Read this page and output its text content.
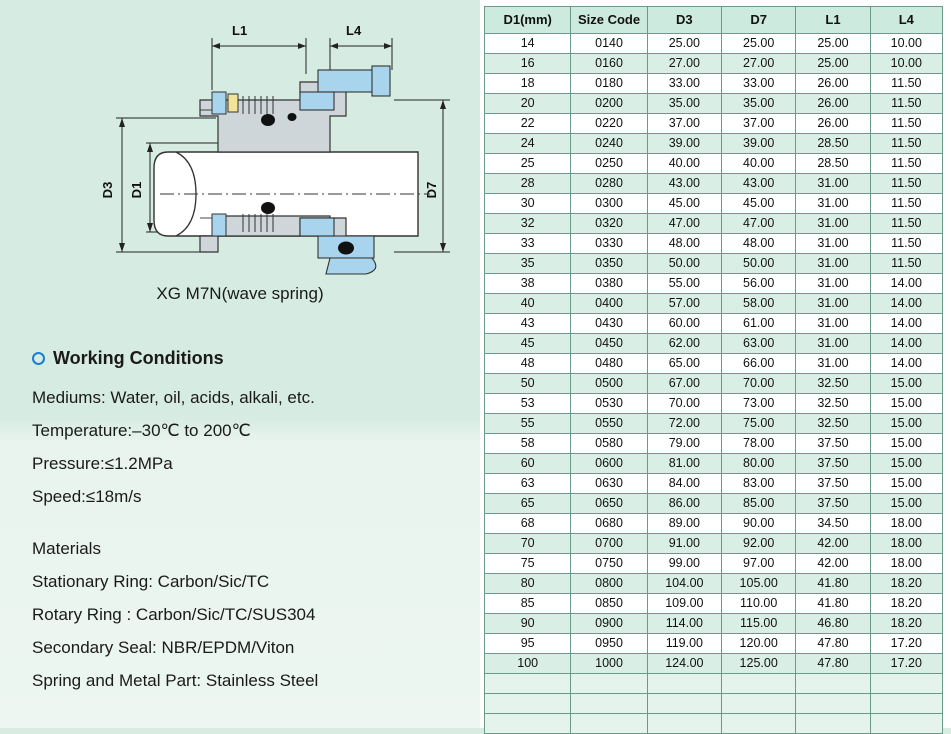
L1	L4
D3 D1	D7
XG M7N(wave spring)
Working Conditions
Mediums: Water, oil, acids, alkali, etc.
Temperature:–30℃ to 200℃
Pressure:≤1.2MPa
Speed:≤18m/s
Materials
Stationary Ring: Carbon/Sic/TC
Rotary Ring : Carbon/Sic/TC/SUS304
Secondary Seal: NBR/EPDM/Viton
Spring and Metal Part: Stainless Steel
D1(mm)	Size Code	D3	D7	L1	L4
14	0140	25.00	25.00	25.00	10.00
16	0160	27.00	27.00	25.00	10.00
18	0180	33.00	33.00	26.00	11.50
20	0200	35.00	35.00	26.00	11.50
22	0220	37.00	37.00	26.00	11.50
24	0240	39.00	39.00	28.50	11.50
25	0250	40.00	40.00	28.50	11.50
28	0280	43.00	43.00	31.00	11.50
30	0300	45.00	45.00	31.00	11.50
32	0320	47.00	47.00	31.00	11.50
33	0330	48.00	48.00	31.00	11.50
35	0350	50.00	50.00	31.00	11.50
38	0380	55.00	56.00	31.00	14.00
40	0400	57.00	58.00	31.00	14.00
43	0430	60.00	61.00	31.00	14.00
45	0450	62.00	63.00	31.00	14.00
48	0480	65.00	66.00	31.00	14.00
50	0500	67.00	70.00	32.50	15.00
53	0530	70.00	73.00	32.50	15.00
55	0550	72.00	75.00	32.50	15.00
58	0580	79.00	78.00	37.50	15.00
60	0600	81.00	80.00	37.50	15.00
63	0630	84.00	83.00	37.50	15.00
65	0650	86.00	85.00	37.50	15.00
68	0680	89.00	90.00	34.50	18.00
70	0700	91.00	92.00	42.00	18.00
75	0750	99.00	97.00	42.00	18.00
80	0800	104.00	105.00	41.80	18.20
85	0850	109.00	110.00	41.80	18.20
90	0900	114.00	115.00	46.80	18.20
95	0950	119.00	120.00	47.80	17.20
100	1000	124.00	125.00	47.80	17.20
